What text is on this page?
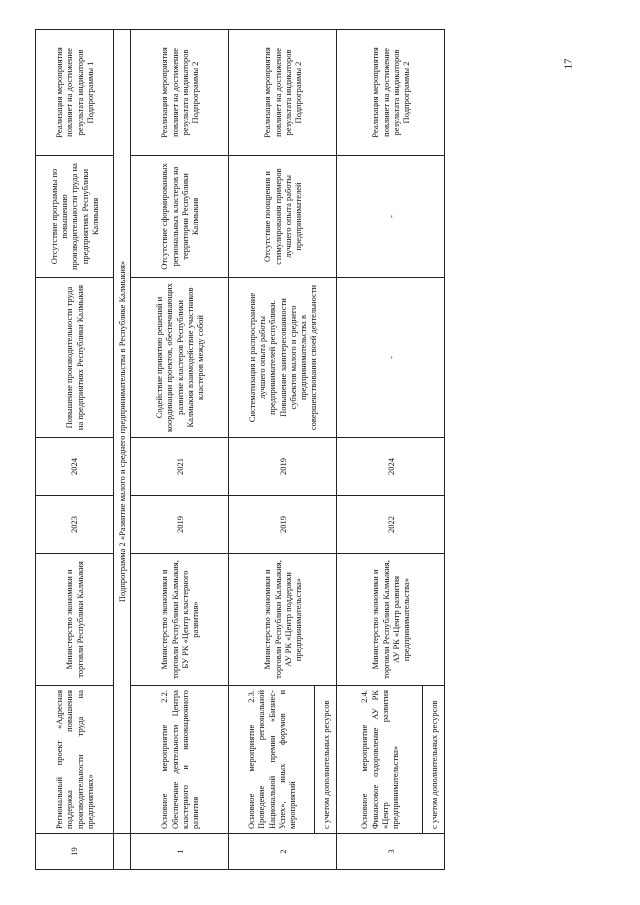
17
19	Региональный проект «Адресная поддержка повышения производительности труда на предприятиях»	Министерство экономики и торговли Республики Калмыкия	2023	2024	Повышение производительности труда на предприятиях Республики Калмыкия	Отсутствие программы по повышению производительности труда на предприятиях Республики Калмыкия	Реализация мероприятия повлияет на достижение результата индикаторов Подпрограммы 1
	Подпрограмма 2 «Развитие малого и среднего предпринимательства в Республике Калмыкия»						
1	Основное мероприятие 2.2. Обеспечение деятельности Центра кластерного и инновационного развития	Министерство экономики и торговли Республики Калмыкия, БУ РК «Центр кластерного развития»	2019	2021	Содействие принятию решений и координации проектов, обеспечивающих развитие кластеров Республики Калмыкия взаимодействие участников кластеров между собой	Отсутствие сформированных региональных кластеров на территории Республики Калмыкия	Реализация мероприятия повлияет на достижение результата индикаторов Подпрограммы 2
2	Основное мероприятие 2.3. Проведение региональной Национальной премии «Бизнес-Успех», иных форумов и мероприятий	Министерство экономики и торговли Республики Калмыкия, АУ РК «Центр поддержки предпринимательства»	2019	2019	Систематизация и распространение лучшего опыта работы предпринимателей республики. Повышение заинтересованности субъектов малого и среднего предпринимательства в совершенствовании своей деятельности	Отсутствие поощрения и стимулирования примеров лучшего опыта работы предпринимателей	Реализация мероприятия повлияет на достижение результата индикаторов Подпрограммы 2
	с учетом дополнительных ресурсов						
3	Основное мероприятие 2.4. Финансовое оздоровление АУ РК «Центр развития предпринимательства»	Министерство экономики и торговли Республики Калмыкия, АУ РК «Центр развития предпринимательства»	2022	2024	-	-	Реализация мероприятия повлияет на достижение результата индикаторов Подпрограммы 2
	с учетом дополнительных ресурсов						
